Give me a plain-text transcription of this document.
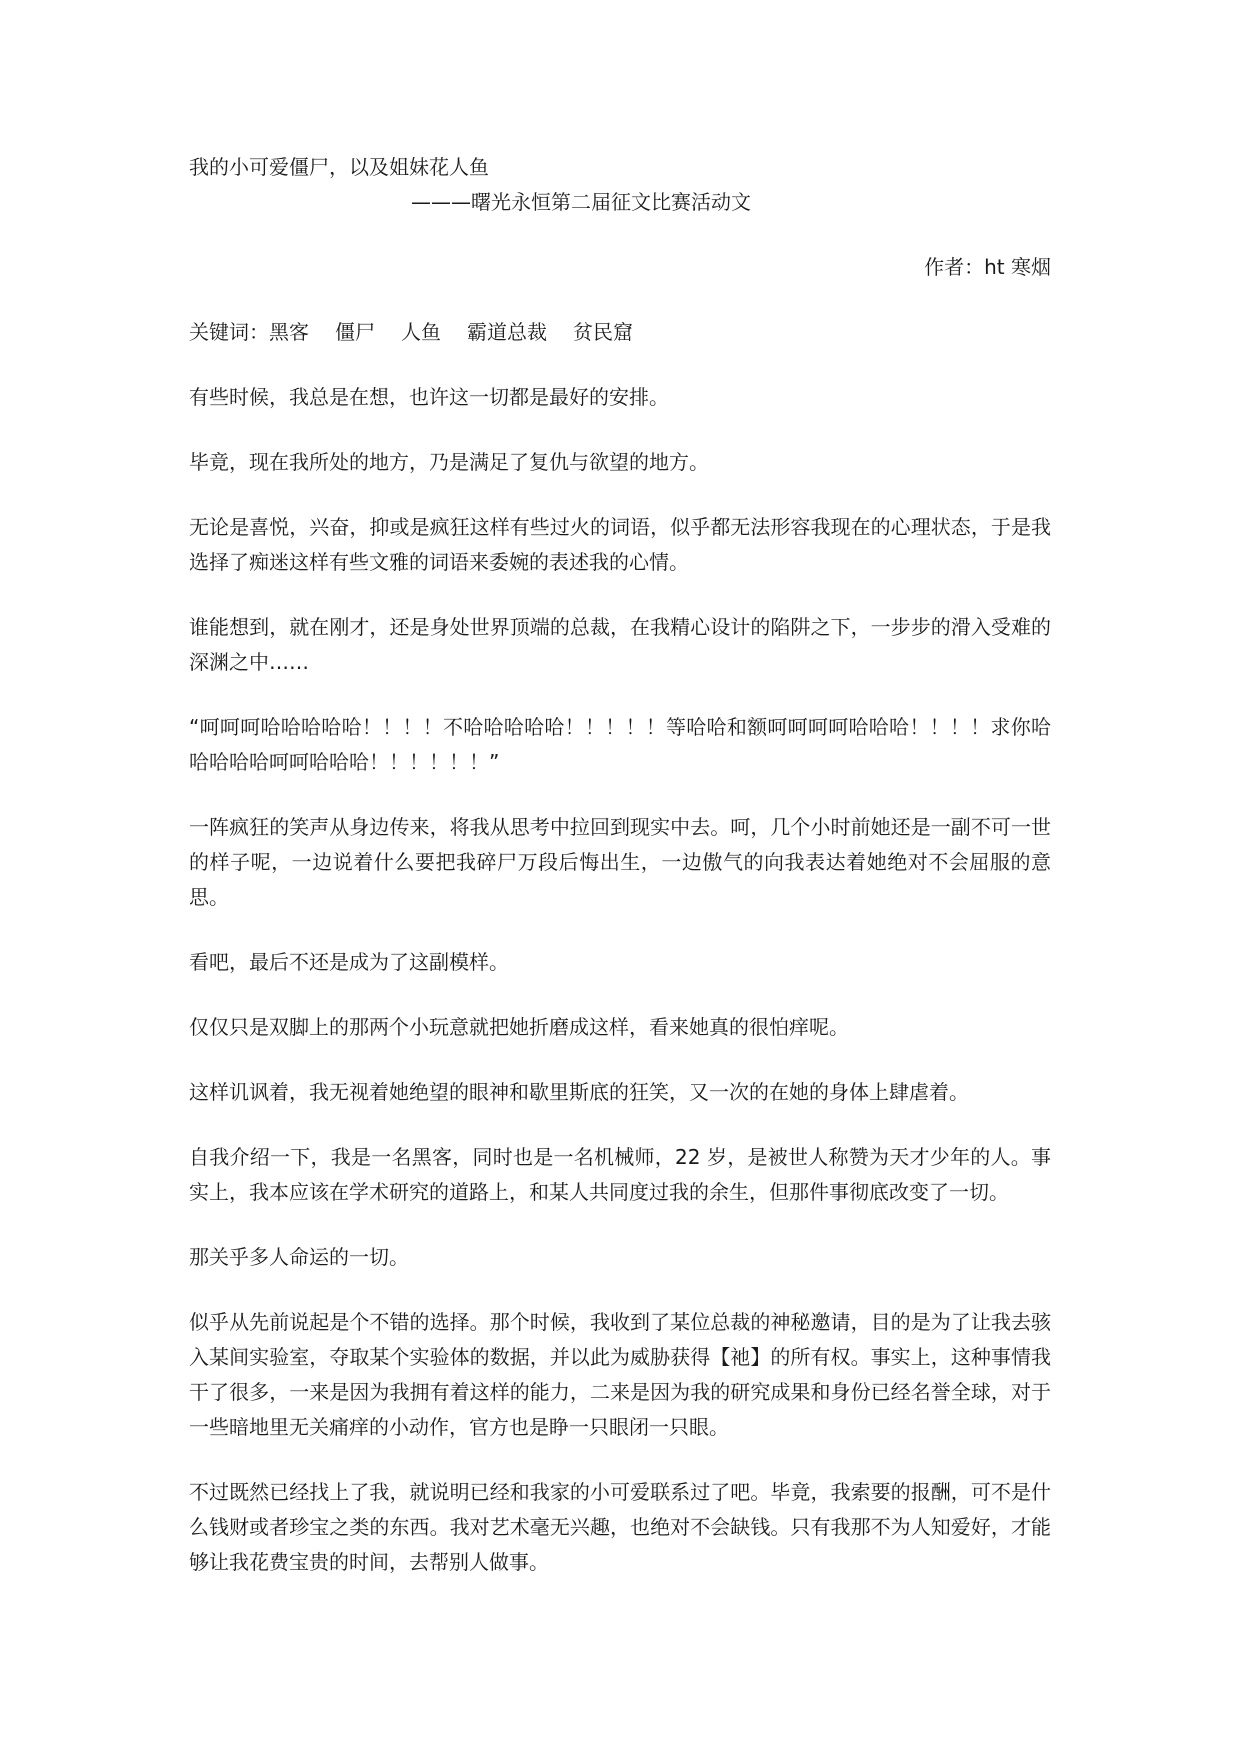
我的小可爱僵尸，以及姐妹花人鱼

———曙光永恒第二届征文比赛活动文

作者：ht 寒烟

关键词：黑客 僵尸 人鱼 霸道总裁 贫民窟

有些时候，我总是在想，也许这一切都是最好的安排。

毕竟，现在我所处的地方，乃是满足了复仇与欲望的地方。

无论是喜悦，兴奋，抑或是疯狂这样有些过火的词语，似乎都无法形容我现在的心理状态，于是我选择了痴迷这样有些文雅的词语来委婉的表述我的心情。

谁能想到，就在刚才，还是身处世界顶端的总裁，在我精心设计的陷阱之下，一步步的滑入受难的深渊之中……

“呵呵呵哈哈哈哈哈！！！！不哈哈哈哈哈！！！！！等哈哈和额呵呵呵呵哈哈哈！！！！求你哈哈哈哈哈呵呵哈哈哈！！！！！！”

一阵疯狂的笑声从身边传来，将我从思考中拉回到现实中去。呵，几个小时前她还是一副不可一世的样子呢，一边说着什么要把我碎尸万段后悔出生，一边傲气的向我表达着她绝对不会屈服的意思。

看吧，最后不还是成为了这副模样。

仅仅只是双脚上的那两个小玩意就把她折磨成这样，看来她真的很怕痒呢。

这样讥讽着，我无视着她绝望的眼神和歇里斯底的狂笑，又一次的在她的身体上肆虐着。

自我介绍一下，我是一名黑客，同时也是一名机械师，22 岁，是被世人称赞为天才少年的人。事实上，我本应该在学术研究的道路上，和某人共同度过我的余生，但那件事彻底改变了一切。

那关乎多人命运的一切。

似乎从先前说起是个不错的选择。那个时候，我收到了某位总裁的神秘邀请，目的是为了让我去骇入某间实验室，夺取某个实验体的数据，并以此为威胁获得【祂】的所有权。事实上，这种事情我干了很多，一来是因为我拥有着这样的能力，二来是因为我的研究成果和身份已经名誉全球，对于一些暗地里无关痛痒的小动作，官方也是睁一只眼闭一只眼。

不过既然已经找上了我，就说明已经和我家的小可爱联系过了吧。毕竟，我索要的报酬，可不是什么钱财或者珍宝之类的东西。我对艺术毫无兴趣，也绝对不会缺钱。只有我那不为人知爱好，才能够让我花费宝贵的时间，去帮别人做事。
